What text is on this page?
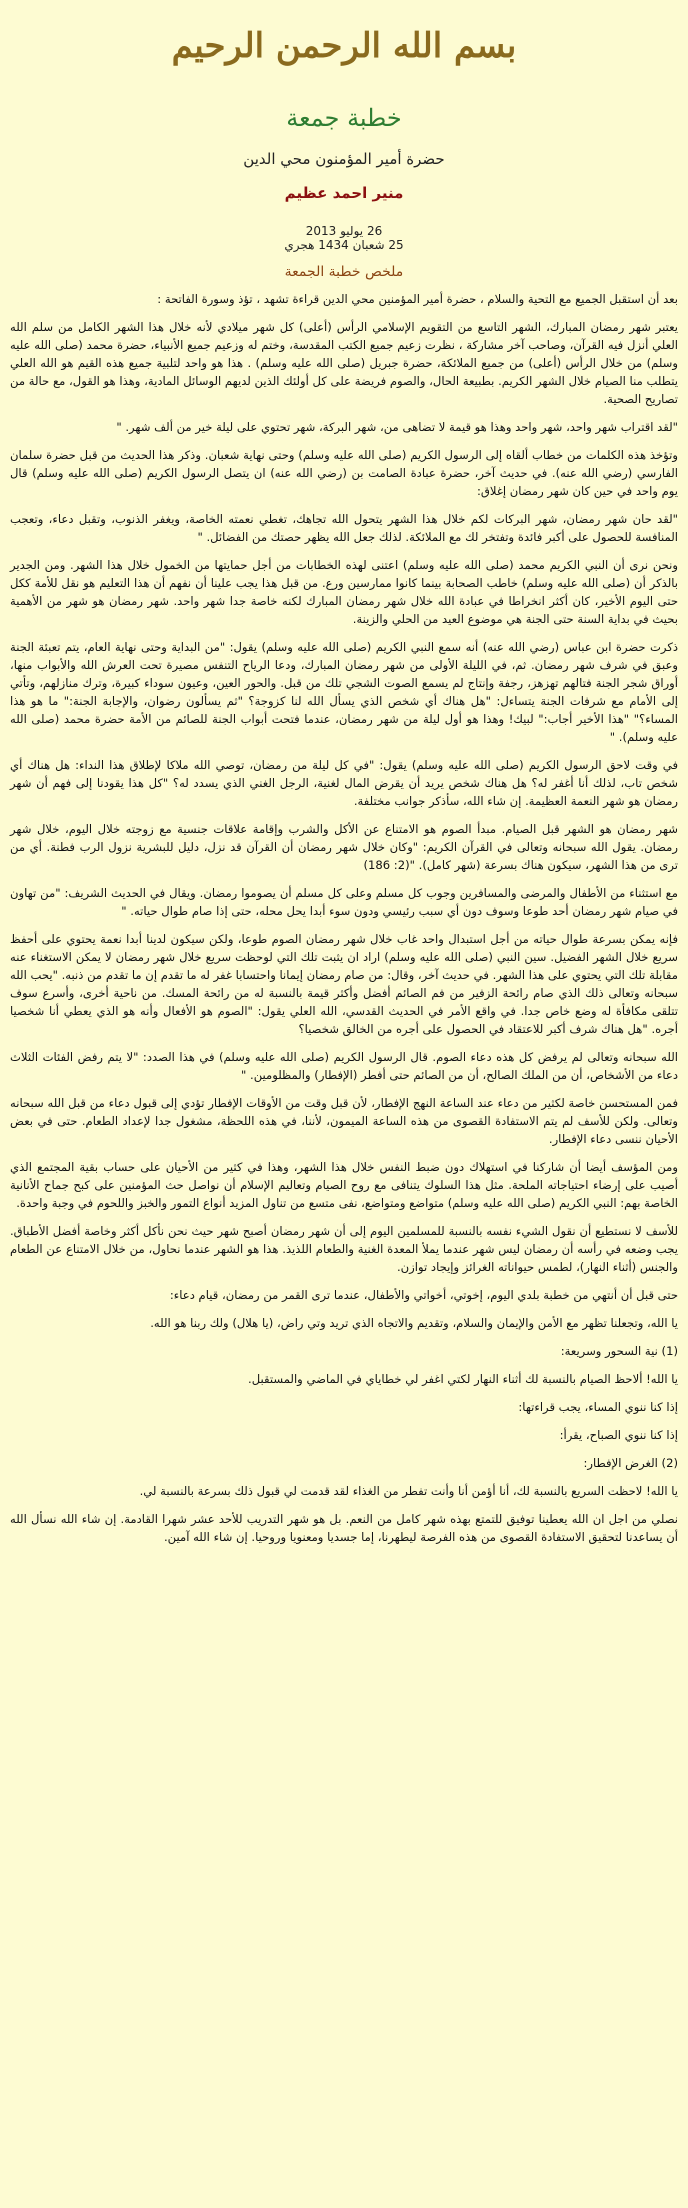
بسم الله الرحمن الرحيم
خطبة جمعة
حضرة أمير المؤمنون محي الدين
منير احمد عظيم
26 يوليو 2013
25 شعبان 1434 هجري
ملخص خطبة الجمعة

بعد أن استقبل الجميع مع التحية والسلام ، حضرة أمير المؤمنين محي الدين قراءة تشهد ، تؤذ وسورة الفاتحة :

يعتبر شهر رمضان المبارك، الشهر التاسع من التقويم الإسلامي الرأس (أعلى) كل شهر ميلادي لأنه خلال هذا الشهر الكامل من سلم الله العلي أنزل فيه القرآن، وصاحب آخر مشاركة ، نظرت زعيم جميع الكتب المقدسة، وختم له وزعيم جميع الأنبياء، حضرة محمد (صلى الله عليه وسلم) من خلال الرأس (أعلى) من جميع الملائكة، حضرة جبريل (صلى الله عليه وسلم) . هذا هو واحد لتلبية جميع هذه القيم هو الله العلي يتطلب منا الصيام خلال الشهر الكريم. بطبيعة الحال، والصوم فريضة على كل أولئك الذين لديهم الوسائل المادية، وهذا هو القول، مع حالة من تصاريح الصحية.

"لقد اقتراب شهر واحد، شهر واحد وهذا هو قيمة لا تضاهى من، شهر البركة، شهر تحتوي على ليلة خير من ألف شهر. "

وتؤخذ هذه الكلمات من خطاب ألقاه إلى الرسول الكريم (صلى الله عليه وسلم) وحتى نهاية شعبان. وذكر هذا الحديث من قبل حضرة سلمان الفارسي (رضي الله عنه). في حديث آخر، حضرة عبادة الصامت بن (رضي الله عنه) ان يتصل الرسول الكريم (صلى الله عليه وسلم) قال يوم واحد في حين كان شهر رمضان إغلاق:

"لقد حان شهر رمضان، شهر البركات لكم خلال هذا الشهر يتحول الله تجاهك، تغطي نعمته الخاصة، ويغفر الذنوب، وتقبل دعاء، وتعجب المنافسة للحصول على أكبر فائدة وتفتخر لك مع الملائكة. لذلك جعل الله يظهر حصتك من الفضائل. "

ونحن نرى أن النبي الكريم محمد (صلى الله عليه وسلم) اعتنى لهذه الخطابات من أجل حمايتها من الخمول خلال هذا الشهر. ومن الجدير بالذكر أن (صلى الله عليه وسلم) خاطب الصحابة بينما كانوا ممارسين ورع. من قبل هذا يجب علينا أن نفهم أن هذا التعليم هو نقل للأمة ككل حتى اليوم الأخير، كان أكثر انخراطا في عبادة الله خلال شهر رمضان المبارك لكنه خاصة جدا شهر واحد. شهر رمضان هو شهر من الأهمية بحيث في بداية السنة حتى الجنة هي موضوع العيد من الحلي والزينة.

ذكرت حضرة ابن عباس (رضي الله عنه) أنه سمع النبي الكريم (صلى الله عليه وسلم) يقول: "من البداية وحتى نهاية العام، يتم تعبئة الجنة وعبق في شرف شهر رمضان. ثم، في الليلة الأولى من شهر رمضان المبارك، ودعا الرياح التنفس مصيرة تحت العرش الله والأبواب منها، أوراق شجر الجنة فتالهم تهزهز، رجفة وإنتاج لم يسمع الصوت الشجي تلك من قبل. والحور العين، وعيون سوداء كبيرة، وترك منازلهم، وتأتي إلى الأمام مع شرفات الجنة يتساءل: "هل هناك أي شخص الذي يسأل الله لنا كزوجة؟ "ثم يسألون رضوان، والإجابة الجنة:" ما هو هذا المساء؟" "هذا الأخير أجاب:" لبيك! وهذا هو أول ليلة من شهر رمضان، عندما فتحت أبواب الجنة للصائم من الأمة حضرة محمد (صلى الله عليه وسلم). "

في وقت لاحق الرسول الكريم (صلى الله عليه وسلم) يقول: "في كل ليلة من رمضان، توصي الله ملاكا لإطلاق هذا النداء: هل هناك أي شخص تاب، لذلك أنا أغفر له؟ هل هناك شخص يريد أن يقرض المال لغنية، الرجل الغني الذي يسدد له؟ "كل هذا يقودنا إلى فهم أن شهر رمضان هو شهر النعمة العظيمة. إن شاء الله، سأذكر جوانب مختلفة.

شهر رمضان هو الشهر قبل الصيام. مبدأ الصوم هو الامتناع عن الأكل والشرب وإقامة علاقات جنسية مع زوجته خلال اليوم، خلال شهر رمضان. يقول الله سبحانه وتعالى في القرآن الكريم: "وكان خلال شهر رمضان أن القرآن قد نزل، دليل للبشرية نزول الرب فطنة. أي من ترى من هذا الشهر، سيكون هناك بسرعة (شهر كامل). "(2: 186)

مع استثناء من الأطفال والمرضى والمسافرين وجوب كل مسلم وعلى كل مسلم أن يصوموا رمضان. ويقال في الحديث الشريف: "من تهاون في صيام شهر رمضان أحد طوعا وسوف دون أي سبب رئيسي ودون سوء أبدا يحل محله، حتى إذا صام طوال حياته. "

فإنه يمكن بسرعة طوال حياته من أجل استبدال واحد غاب خلال شهر رمضان الصوم طوعا، ولكن سيكون لدينا أبدا نعمة يحتوي على أحفظ سريع خلال الشهر الفضيل. سين النبي (صلى الله عليه وسلم) اراد ان يثبت تلك التي لوحظت سريع خلال شهر رمضان لا يمكن الاستغناء عنه مقابلة تلك التي يحتوي على هذا الشهر. في حديث آخر، وقال: من صام رمضان إيمانا واحتسابا غفر له ما تقدم إن ما تقدم من ذنبه. "يحب الله سبحانه وتعالى ذلك الذي صام رائحة الزفير من فم الصائم أفضل وأكثر قيمة بالنسبة له من رائحة المسك. من ناحية أخرى، وأسرع سوف تتلقى مكافأة له وضع خاص جدا. في واقع الأمر في الحديث القدسي، الله العلي يقول: "الصوم هو الأفعال وأنه هو الذي يعطي أنا شخصيا أجره. "هل هناك شرف أكبر للاعتقاد في الحصول على أجره من الخالق شخصيا؟

الله سبحانه وتعالى لم يرفض كل هذه دعاء الصوم. قال الرسول الكريم (صلى الله عليه وسلم) في هذا الصدد: "لا يتم رفض الفئات الثلاث دعاء من الأشخاص، أن من الملك الصالح، أن من الصائم حتى أفطر (الإفطار) والمظلومين. "

فمن المستحسن خاصة لكثير من دعاء عند الساعة النهج الإفطار، لأن قبل وقت من الأوقات الإفطار تؤدي إلى قبول دعاء من قبل الله سبحانه وتعالى. ولكن للأسف لم يتم الاستفادة القصوى من هذه الساعة الميمون، لأننا، في هذه اللحظة، مشغول جدا لإعداد الطعام. حتى في بعض الأحيان ننسى دعاء الإفطار.

ومن المؤسف أيضا أن شاركنا في استهلاك دون ضبط النفس خلال هذا الشهر، وهذا في كثير من الأحيان على حساب بقية المجتمع الذي أصيب على إرضاء احتياجاته الملحة. مثل هذا السلوك يتنافى مع روح الصيام وتعاليم الإسلام أن نواصل حث المؤمنين على كبح جماح الأنانية الخاصة بهم: النبي الكريم (صلى الله عليه وسلم) متواضع ومتواضع، نفى متسع من تناول المزيد أنواع التمور والخبز واللحوم في وجبة واحدة.

للأسف لا نستطيع أن نقول الشيء نفسه بالنسبة للمسلمين اليوم إلى أن شهر رمضان أصبح شهر حيث نحن نأكل أكثر وخاصة أفضل الأطباق. يجب وضعه في رأسه أن رمضان ليس شهر عندما يملأ المعدة الغنية والطعام اللذيذ. هذا هو الشهر عندما نحاول، من خلال الامتناع عن الطعام والجنس (أثناء النهار)، لطمس حيواناته الغرائز وإيجاد توازن.

حتى قبل أن أنتهي من خطبة بلدي اليوم، إخوتي، أخواتي والأطفال، عندما ترى القمر من رمضان، قيام دعاء:

يا الله، وتجعلنا تظهر مع الأمن والإيمان والسلام، وتقديم والاتجاه الذي تريد وتي راض، (يا هلال) ولك ربنا هو الله.

(1) نية السحور وسريعة:

يا الله! ألاحظ الصيام بالنسبة لك أثناء النهار لكتي اغفر لي خطاياي في الماضي والمستقبل.

إذا كنا ننوي المساء، يجب قراءتها:

إذا كنا ننوي الصباح، يقرأ:

(2) الغرض الإفطار:

يا الله! لاحظت السريع بالنسبة لك، أنا أؤمن أنا وأنت تفطر من الغذاء لقد قدمت لي قبول ذلك بسرعة بالنسبة لي.

نصلي من اجل ان الله يعطينا توفيق للتمتع بهذه شهر كامل من النعم. بل هو شهر التدريب للأحد عشر شهرا القادمة. إن شاء الله نسأل الله أن يساعدنا لتحقيق الاستفادة القصوى من هذه الفرصة ليطهرنا، إما جسديا ومعنويا وروحيا. إن شاء الله آمين.
